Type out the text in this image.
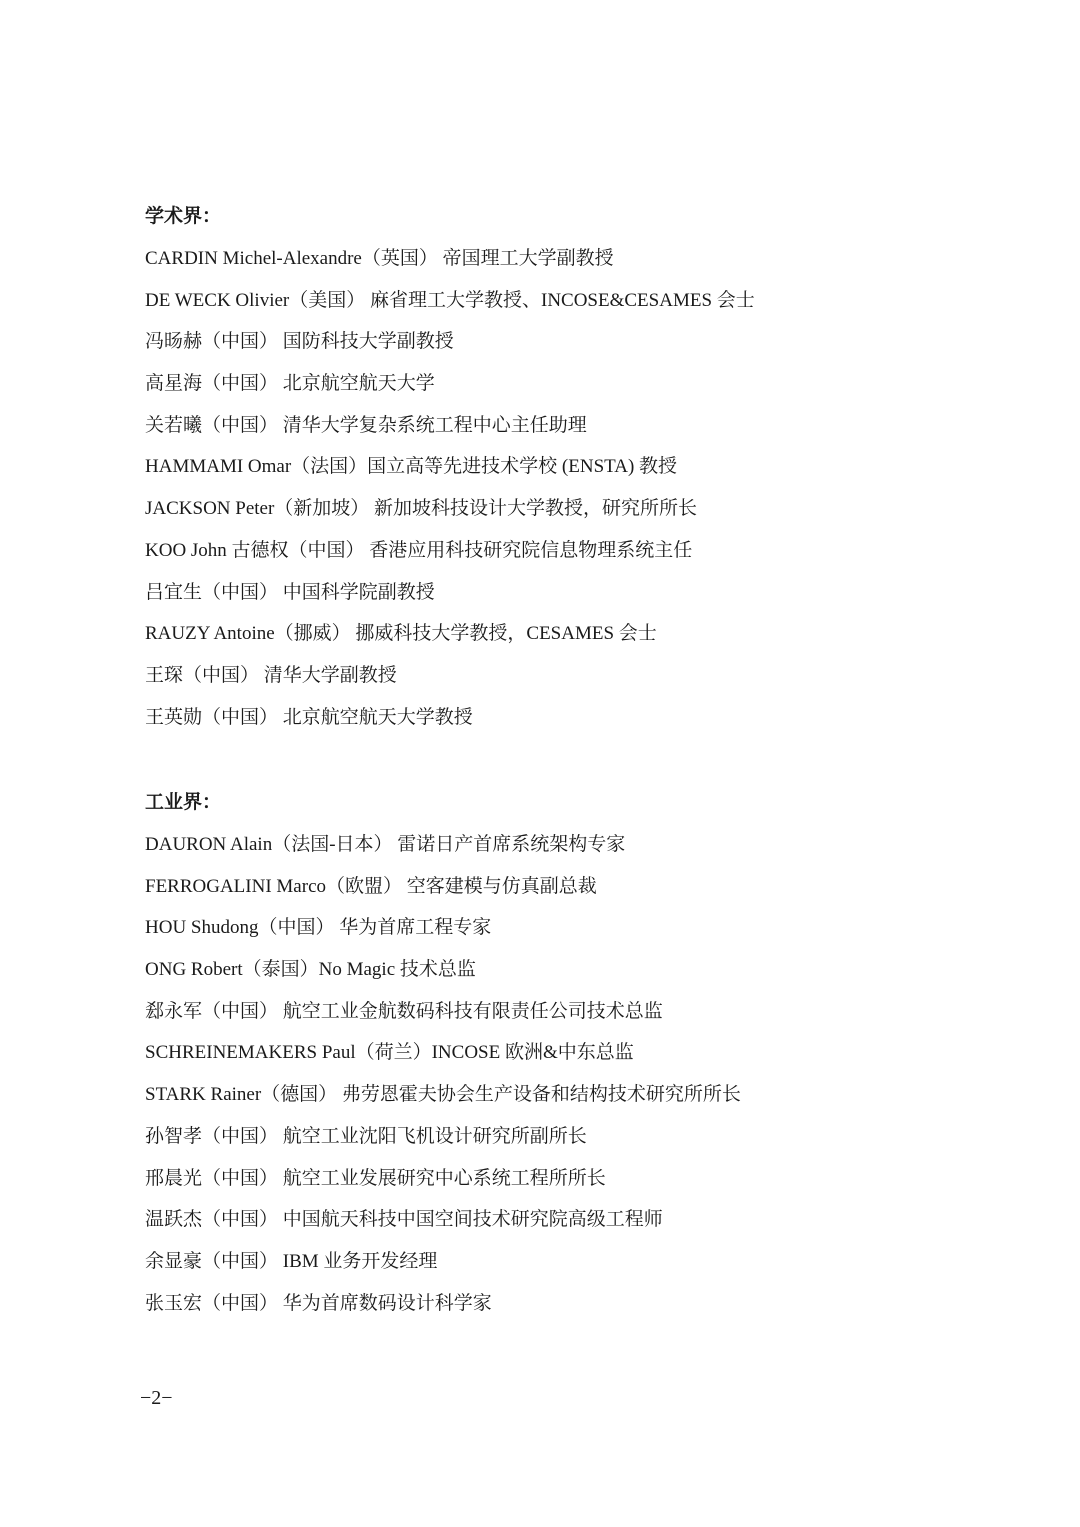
学术界：
CARDIN Michel-Alexandre（英国） 帝国理工大学副教授
DE WECK Olivier（美国） 麻省理工大学教授、INCOSE&CESAMES 会士
冯旸赫（中国） 国防科技大学副教授
高星海（中国） 北京航空航天大学
关若曦（中国） 清华大学复杂系统工程中心主任助理
HAMMAMI Omar（法国）国立高等先进技术学校 (ENSTA) 教授
JACKSON Peter（新加坡） 新加坡科技设计大学教授，研究所所长
KOO John 古德权（中国） 香港应用科技研究院信息物理系统主任
吕宜生（中国） 中国科学院副教授
RAUZY Antoine（挪威） 挪威科技大学教授，CESAMES 会士
王琛（中国） 清华大学副教授
王英勋（中国） 北京航空航天大学教授
工业界：
DAURON Alain（法国-日本） 雷诺日产首席系统架构专家
FERROGALINI Marco（欧盟） 空客建模与仿真副总裁
HOU Shudong（中国） 华为首席工程专家
ONG Robert（泰国）No Magic 技术总监
郄永军（中国） 航空工业金航数码科技有限责任公司技术总监
SCHREINEMAKERS Paul（荷兰）INCOSE 欧洲&中东总监
STARK Rainer（德国） 弗劳恩霍夫协会生产设备和结构技术研究所所长
孙智孝（中国） 航空工业沈阳飞机设计研究所副所长
邢晨光（中国） 航空工业发展研究中心系统工程所所长
温跃杰（中国） 中国航天科技中国空间技术研究院高级工程师
余显豪（中国） IBM 业务开发经理
张玉宏（中国） 华为首席数码设计科学家
−2−
